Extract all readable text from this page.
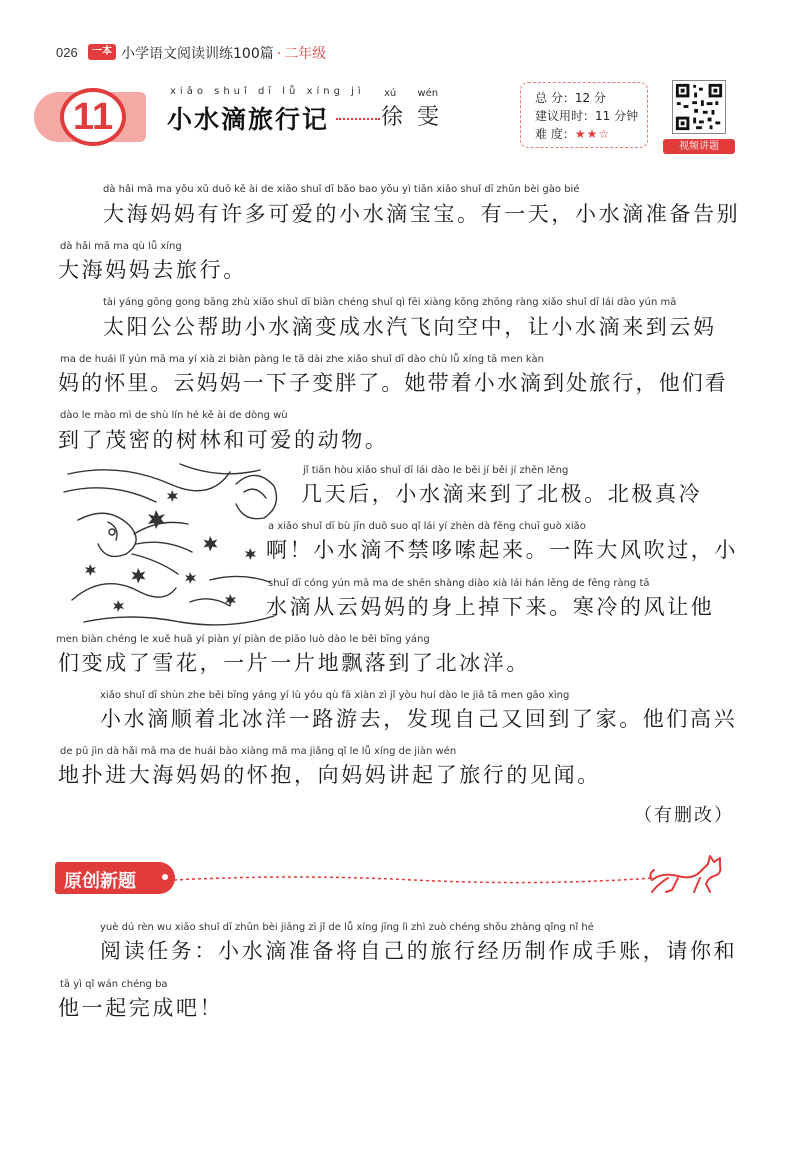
026	一本 小学语文阅读训练100篇 · 二年级
11
xiǎo shuǐ dī lǚ xíng jì
小水滴旅行记
xú wén
徐雯
总 分：12 分
建议用时：11 分钟
难 度：★★☆
视频讲题
dà hǎi mā ma yǒu xǔ duō kě ài de xiǎo shuǐ dī bǎo bao yǒu yì tiān xiǎo shuǐ dī zhǔn bèi gào bié
大海妈妈有许多可爱的小水滴宝宝。有一天，小水滴准备告别
dà hǎi mā ma qù lǚ xíng
大海妈妈去旅行。
tài yáng gōng gong bāng zhù xiǎo shuǐ dī biàn chéng shuǐ qì fēi xiàng kōng zhōng ràng xiǎo shuǐ dī lái dào yún mā
太阳公公帮助小水滴变成水汽飞向空中，让小水滴来到云妈
ma de huái lǐ yún mā ma yí xià zi biàn pàng le tā dài zhe xiǎo shuǐ dī dào chù lǚ xíng tā men kàn
妈的怀里。云妈妈一下子变胖了。她带着小水滴到处旅行，他们看
dào le mào mì de shù lín hé kě ài de dòng wù
到了茂密的树林和可爱的动物。
jǐ tiān hòu xiǎo shuǐ dī lái dào le běi jí běi jí zhēn lěng
几天后，小水滴来到了北极。北极真冷
a xiǎo shuǐ dī bù jīn duō suo qǐ lái yí zhèn dà fēng chuī guò xiǎo
啊！小水滴不禁哆嗦起来。一阵大风吹过，小
shuǐ dī cóng yún mā ma de shēn shàng diào xià lái hán lěng de fēng ràng tā
水滴从云妈妈的身上掉下来。寒冷的风让他
men biàn chéng le xuě huā yí piàn yí piàn de piāo luò dào le běi bīng yáng
们变成了雪花，一片一片地飘落到了北冰洋。
xiǎo shuǐ dī shùn zhe běi bīng yáng yí lù yóu qù fā xiàn zì jǐ yòu huí dào le jiā tā men gāo xìng
小水滴顺着北冰洋一路游去，发现自己又回到了家。他们高兴
de pū jìn dà hǎi mā ma de huái bào xiàng mā ma jiǎng qǐ le lǚ xíng de jiàn wén
地扑进大海妈妈的怀抱，向妈妈讲起了旅行的见闻。
（有删改）
原创新题
yuè dú rèn wu xiǎo shuǐ dī zhǔn bèi jiāng zì jǐ de lǚ xíng jīng lì zhì zuò chéng shǒu zhàng qǐng nǐ hé
阅读任务：小水滴准备将自己的旅行经历制作成手账，请你和
tā yì qǐ wán chéng ba
他一起完成吧！
